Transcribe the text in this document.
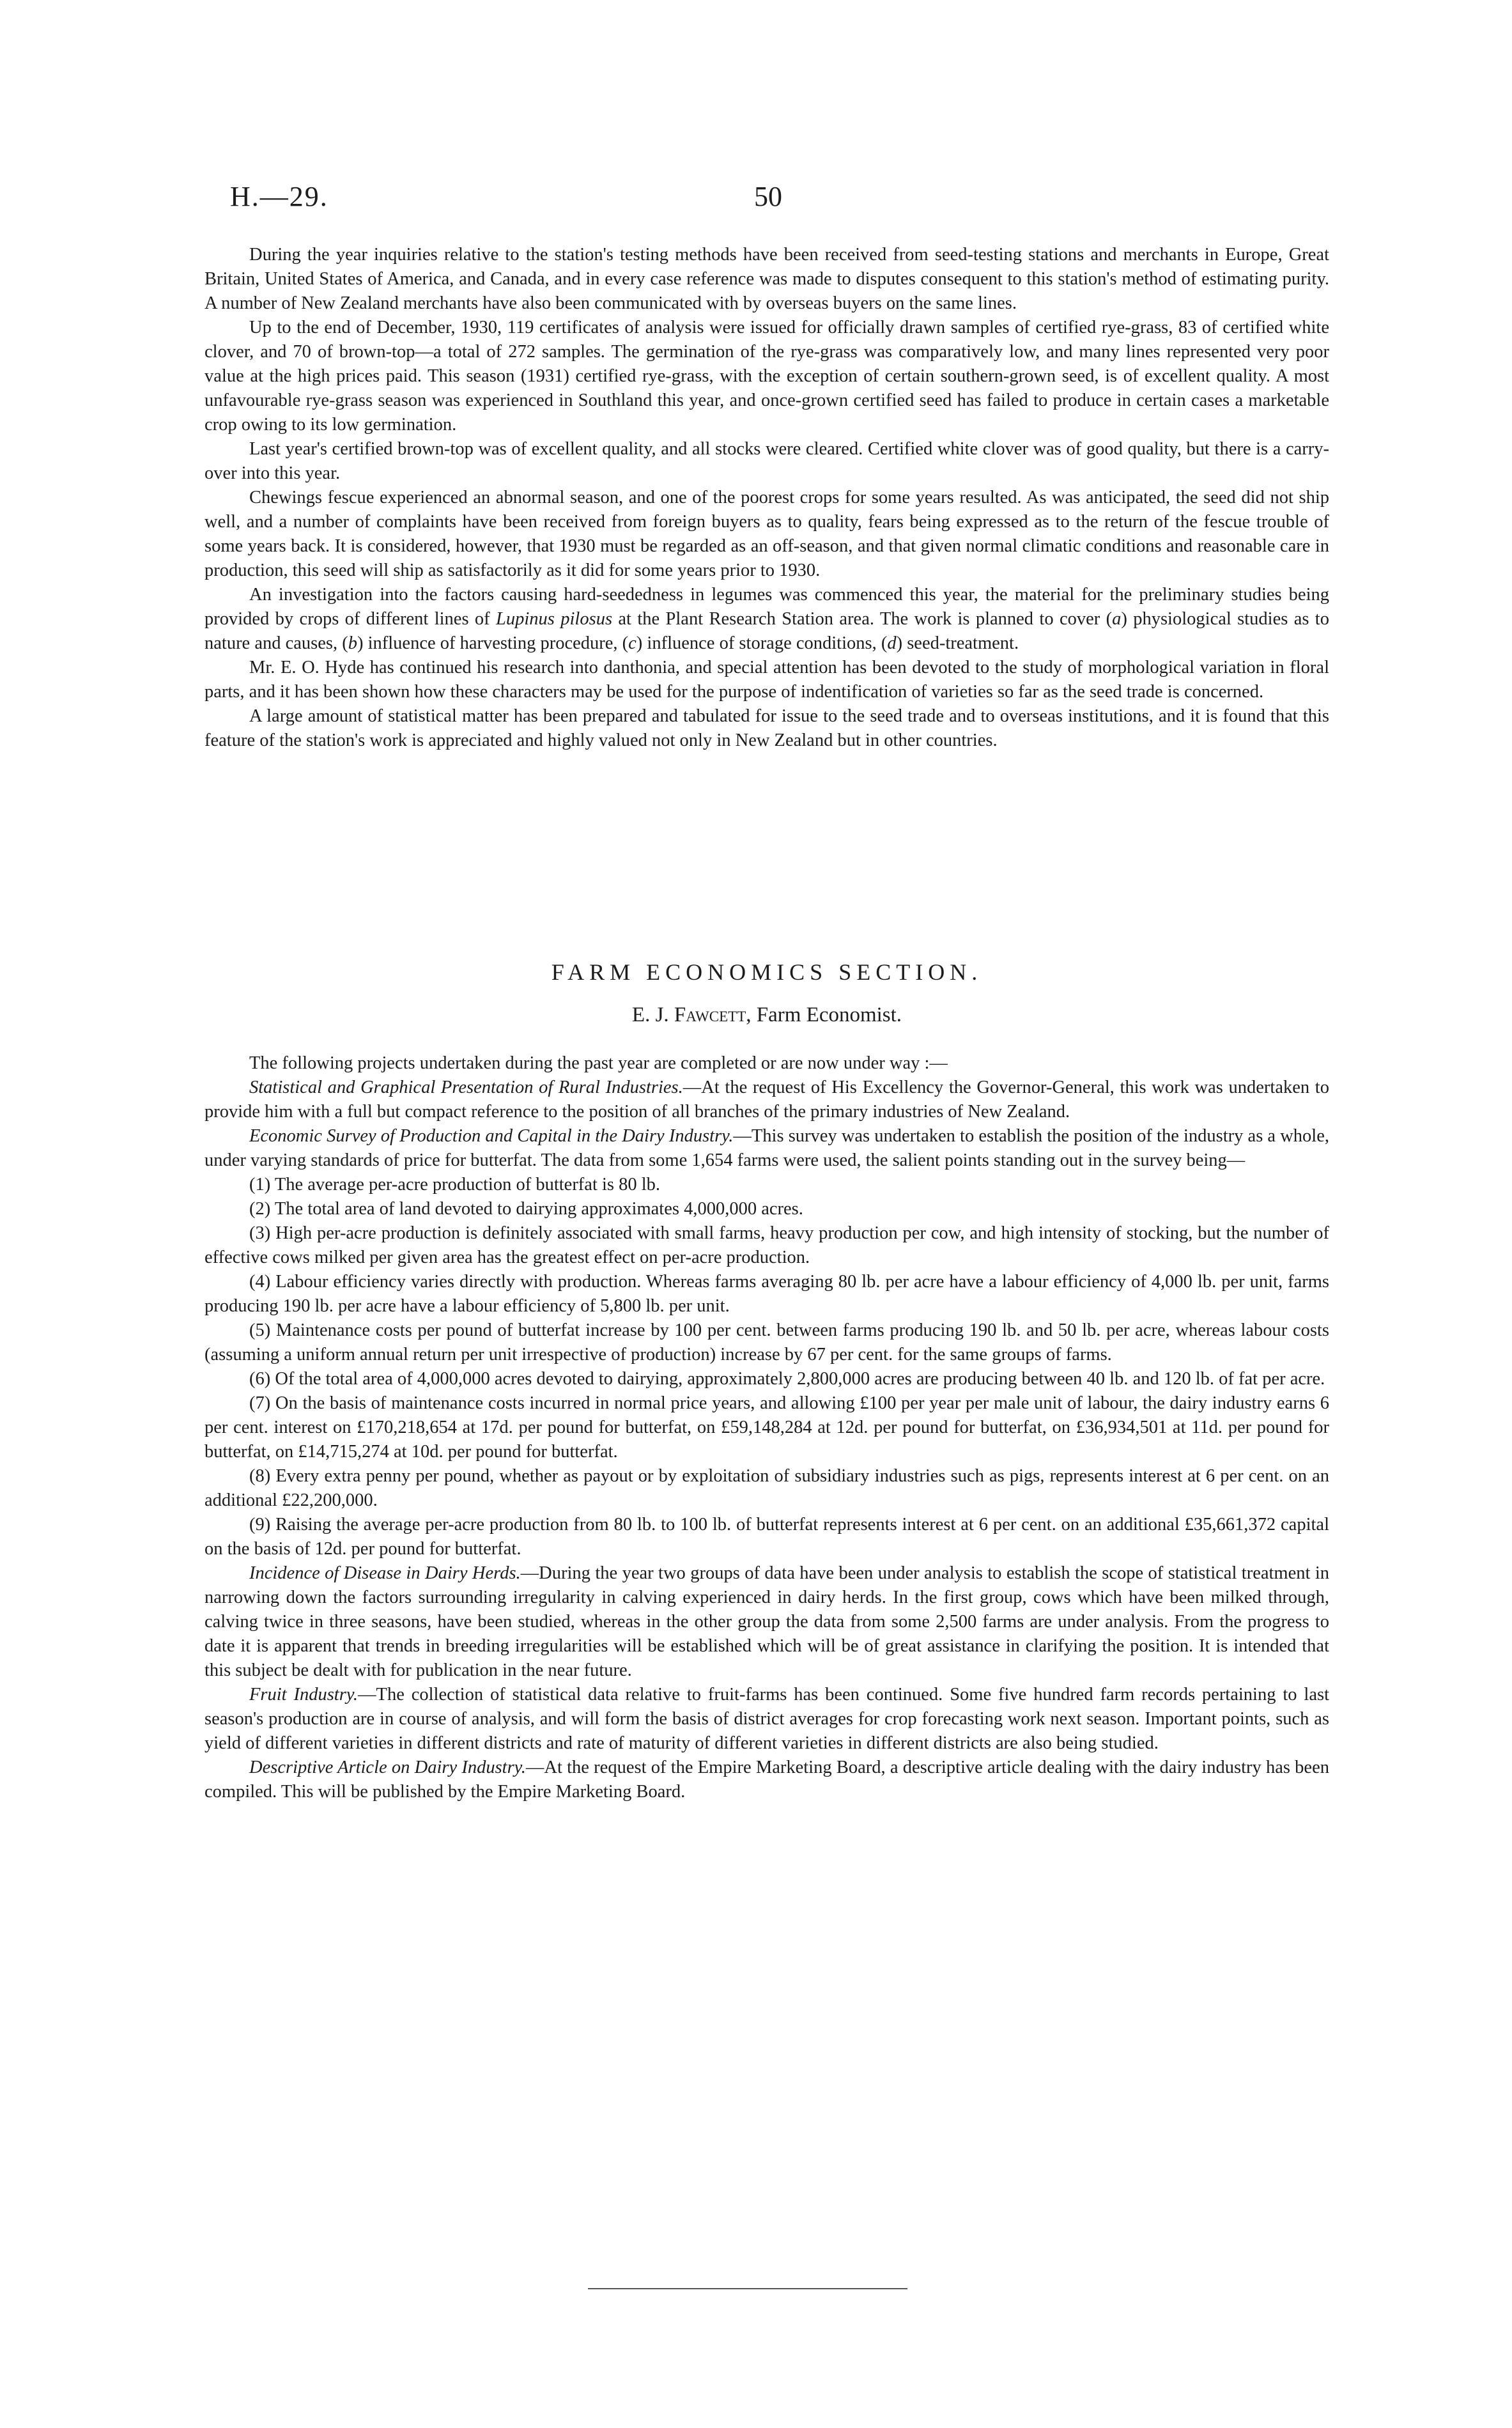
H.—29.	50

During the year inquiries relative to the station's testing methods have been received from seed-testing stations and merchants in Europe, Great Britain, United States of America, and Canada, and in every case reference was made to disputes consequent to this station's method of estimating purity. A number of New Zealand merchants have also been communicated with by overseas buyers on the same lines.

Up to the end of December, 1930, 119 certificates of analysis were issued for officially drawn samples of certified rye-grass, 83 of certified white clover, and 70 of brown-top—a total of 272 samples. The germination of the rye-grass was comparatively low, and many lines represented very poor value at the high prices paid. This season (1931) certified rye-grass, with the exception of certain southern-grown seed, is of excellent quality. A most unfavourable rye-grass season was experienced in Southland this year, and once-grown certified seed has failed to produce in certain cases a marketable crop owing to its low germination.

Last year's certified brown-top was of excellent quality, and all stocks were cleared. Certified white clover was of good quality, but there is a carry-over into this year.

Chewings fescue experienced an abnormal season, and one of the poorest crops for some years resulted. As was anticipated, the seed did not ship well, and a number of complaints have been received from foreign buyers as to quality, fears being expressed as to the return of the fescue trouble of some years back. It is considered, however, that 1930 must be regarded as an off-season, and that given normal climatic conditions and reasonable care in production, this seed will ship as satisfactorily as it did for some years prior to 1930.

An investigation into the factors causing hard-seededness in legumes was commenced this year, the material for the preliminary studies being provided by crops of different lines of Lupinus pilosus at the Plant Research Station area. The work is planned to cover (a) physiological studies as to nature and causes, (b) influence of harvesting procedure, (c) influence of storage conditions, (d) seed-treatment.

Mr. E. O. Hyde has continued his research into danthonia, and special attention has been devoted to the study of morphological variation in floral parts, and it has been shown how these characters may be used for the purpose of indentification of varieties so far as the seed trade is concerned.

A large amount of statistical matter has been prepared and tabulated for issue to the seed trade and to overseas institutions, and it is found that this feature of the station's work is appreciated and highly valued not only in New Zealand but in other countries.

FARM ECONOMICS SECTION.
E. J. Fawcett, Farm Economist.

The following projects undertaken during the past year are completed or are now under way :—

Statistical and Graphical Presentation of Rural Industries.—At the request of His Excellency the Governor-General, this work was undertaken to provide him with a full but compact reference to the position of all branches of the primary industries of New Zealand.

Economic Survey of Production and Capital in the Dairy Industry.—This survey was undertaken to establish the position of the industry as a whole, under varying standards of price for butterfat. The data from some 1,654 farms were used, the salient points standing out in the survey being—

(1) The average per-acre production of butterfat is 80 lb.

(2) The total area of land devoted to dairying approximates 4,000,000 acres.

(3) High per-acre production is definitely associated with small farms, heavy production per cow, and high intensity of stocking, but the number of effective cows milked per given area has the greatest effect on per-acre production.

(4) Labour efficiency varies directly with production. Whereas farms averaging 80 lb. per acre have a labour efficiency of 4,000 lb. per unit, farms producing 190 lb. per acre have a labour efficiency of 5,800 lb. per unit.

(5) Maintenance costs per pound of butterfat increase by 100 per cent. between farms producing 190 lb. and 50 lb. per acre, whereas labour costs (assuming a uniform annual return per unit irrespective of production) increase by 67 per cent. for the same groups of farms.

(6) Of the total area of 4,000,000 acres devoted to dairying, approximately 2,800,000 acres are producing between 40 lb. and 120 lb. of fat per acre.

(7) On the basis of maintenance costs incurred in normal price years, and allowing £100 per year per male unit of labour, the dairy industry earns 6 per cent. interest on £170,218,654 at 17d. per pound for butterfat, on £59,148,284 at 12d. per pound for butterfat, on £36,934,501 at 11d. per pound for butterfat, on £14,715,274 at 10d. per pound for butterfat.

(8) Every extra penny per pound, whether as payout or by exploitation of subsidiary industries such as pigs, represents interest at 6 per cent. on an additional £22,200,000.

(9) Raising the average per-acre production from 80 lb. to 100 lb. of butterfat represents interest at 6 per cent. on an additional £35,661,372 capital on the basis of 12d. per pound for butterfat.

Incidence of Disease in Dairy Herds.—During the year two groups of data have been under analysis to establish the scope of statistical treatment in narrowing down the factors surrounding irregularity in calving experienced in dairy herds. In the first group, cows which have been milked through, calving twice in three seasons, have been studied, whereas in the other group the data from some 2,500 farms are under analysis. From the progress to date it is apparent that trends in breeding irregularities will be established which will be of great assistance in clarifying the position. It is intended that this subject be dealt with for publication in the near future.

Fruit Industry.—The collection of statistical data relative to fruit-farms has been continued. Some five hundred farm records pertaining to last season's production are in course of analysis, and will form the basis of district averages for crop forecasting work next season. Important points, such as yield of different varieties in different districts and rate of maturity of different varieties in different districts are also being studied.

Descriptive Article on Dairy Industry.—At the request of the Empire Marketing Board, a descriptive article dealing with the dairy industry has been compiled. This will be published by the Empire Marketing Board.
